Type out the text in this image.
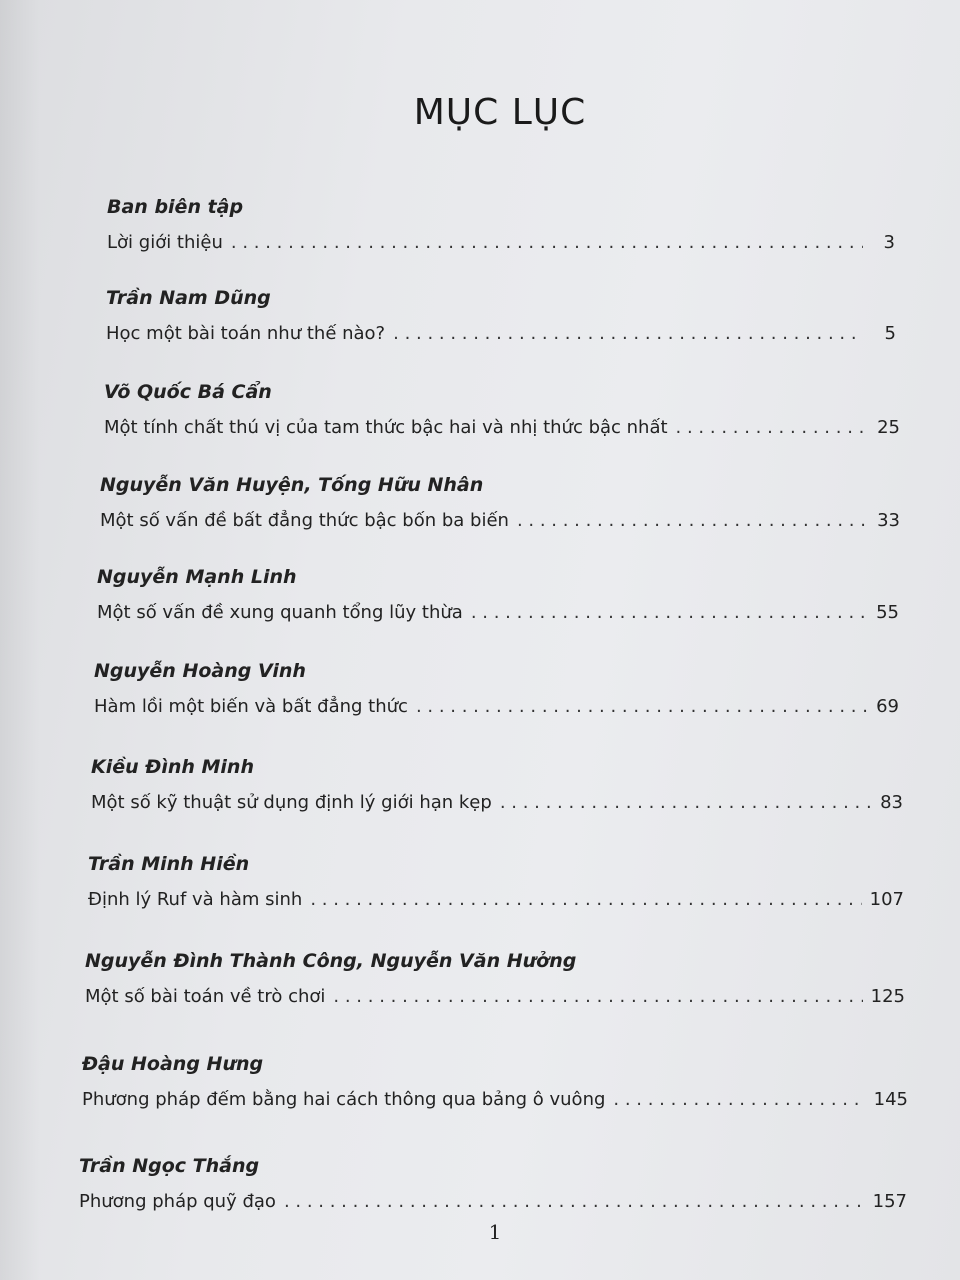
MỤC LỤC
Ban biên tập
Lời giới thiệu . . .	3
Trần Nam Dũng
Học một bài toán như thế nào? . . .	5
Võ Quốc Bá Cẩn
Một tính chất thú vị của tam thức bậc hai và nhị thức bậc nhất . . .	25
Nguyễn Văn Huyện, Tống Hữu Nhân
Một số vấn đề bất đẳng thức bậc bốn ba biến . . .	33
Nguyễn Mạnh Linh
Một số vấn đề xung quanh tổng lũy thừa . . .	55
Nguyễn Hoàng Vinh
Hàm lồi một biến và bất đẳng thức . . .	69
Kiều Đình Minh
Một số kỹ thuật sử dụng định lý giới hạn kẹp . . .	83
Trần Minh Hiền
Định lý Ruf và hàm sinh . . .	107
Nguyễn Đình Thành Công, Nguyễn Văn Hưởng
Một số bài toán về trò chơi . . .	125
Đậu Hoàng Hưng
Phương pháp đếm bằng hai cách thông qua bảng ô vuông . . .	145
Trần Ngọc Thắng
Phương pháp quỹ đạo . . .	157
1
